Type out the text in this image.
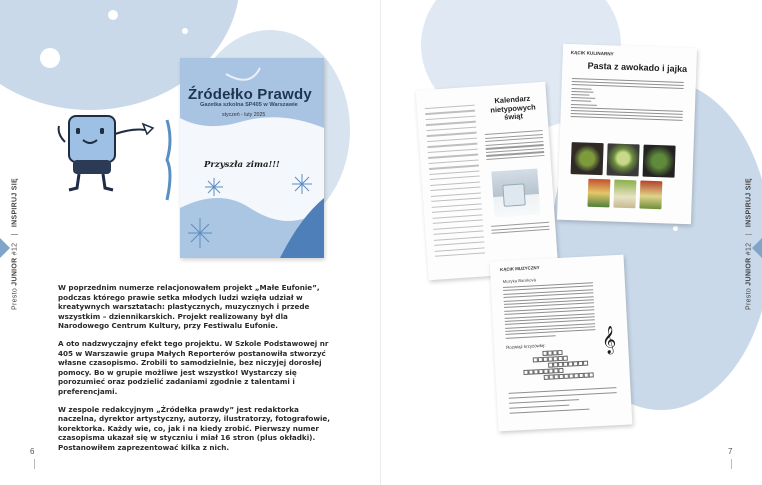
Presto JUNIOR #12  INSPIRUJ SIĘ
Źródełko Prawdy
Gazetka szkolna SP405 w Warszawie
styczeń - luty 2025
Przyszła zima!!!

W poprzednim numerze relacjonowałem projekt „Małe Eufonie”, podczas którego prawie setka młodych ludzi wzięła udział w kreatywnych warsztatach: plastycznych, muzycznych i przede wszystkim – dziennikarskich. Projekt realizowany był dla Narodowego Centrum Kultury, przy Festiwalu Eufonie.

A oto nadzwyczajny efekt tego projektu. W Szkole Podstawowej nr 405 w Warszawie grupa Małych Reporterów postanowiła stworzyć własne czasopismo. Zrobili to samodzielnie, bez niczyjej dorosłej pomocy. Bo w grupie możliwe jest wszystko! Wystarczy się porozumieć oraz podzielić zadaniami zgodnie z talentami i preferencjami.

W zespole redakcyjnym „Źródełka prawdy” jest redaktorka naczelna, dyrektor artystyczny, autorzy, ilustratorzy, fotografowie, korektorka. Każdy wie, co, jak i na kiedy zrobić. Pierwszy numer czasopisma ukazał się w styczniu i miał 16 stron (plus okładki). Postanowiłem zaprezentować kilka z nich.

6
Presto JUNIOR #12  INSPIRUJ SIĘ
7
Kalendarz nietypowych świąt
KĄCIK KULINARNY
Pasta z awokado i jajka
KĄCIK MUZYCZNY
Muzyka Baroková
𝄞
Rozwiąż krzyżówkę:
